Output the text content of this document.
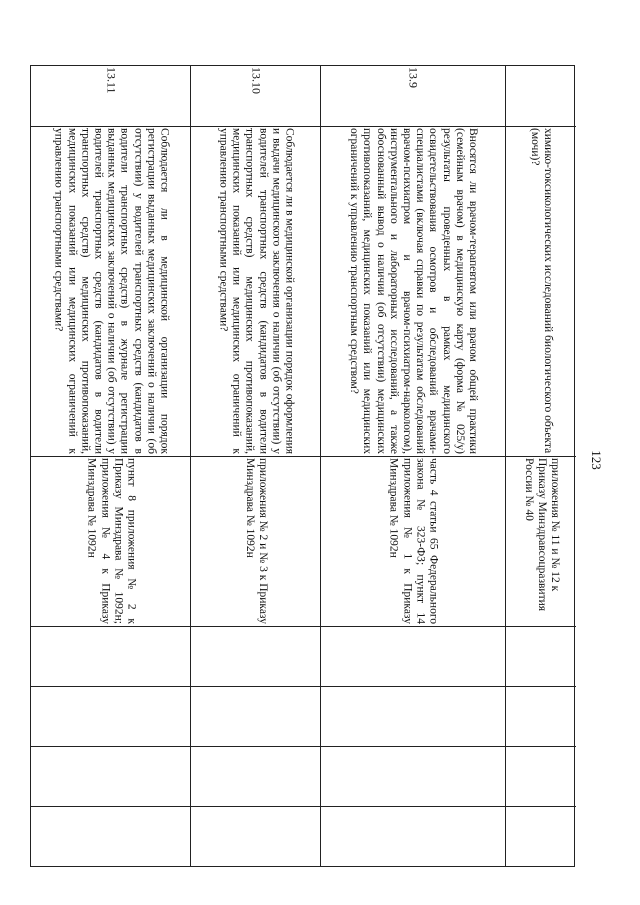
123
13.11
Соблюдается ли в медицинской организации порядок регистрации выданных медицинских заключений о наличии (об отсутствии) у водителей транспортных средств (кандидатов в водители транспортных средств) в журнале регистрации выданных медицинских заключений о наличии (об отсутствии) у водителей транспортных средств (кандидатов в водители транспортных средств) медицинских противопоказаний, медицинских показаний или медицинских ограничений к управлению транспортными средствами?
пункт 8 приложения № 2 к Приказу Минздрава № 1092н; приложения № 4 к Приказу Минздрава № 1092н
13.10
Соблюдается ли в медицинской организации порядок оформления и выдачи медицинского заключения о наличии (об отсутствии) у водителей транспортных средств (кандидатов в водители транспортных средств) медицинских противопоказаний, медицинских показаний или медицинских ограничений к управлению транспортными средствами?
приложения № 2 и № 3 к Приказу Минздрава № 1092н
13.9
Вносятся ли врачом-терапевтом или врачом общей практики (семейным врачом) в медицинскую карту (форма № 025/у) результаты проведенных в рамках медицинского освидетельствования осмотров и обследований врачами-специалистами (включая справки по результатам обследований врачом-психиатром и врачом-психиатром-наркологом), инструментального и лабораторных исследований, а также обоснованный вывод о наличии (об отсутствии) медицинских противопоказаний, медицинских показаний или медицинских ограничений к управлению транспортным средством?
часть 4 статьи 65 Федерального закона № 323-ФЗ; пункт 14 приложения № 1 к Приказу Минздрава № 1092н
химико-токсикологических исследований биологического объекта (мочи)?
приложения № 11 и № 12 к Приказу Минздравсоцразвития России № 40
